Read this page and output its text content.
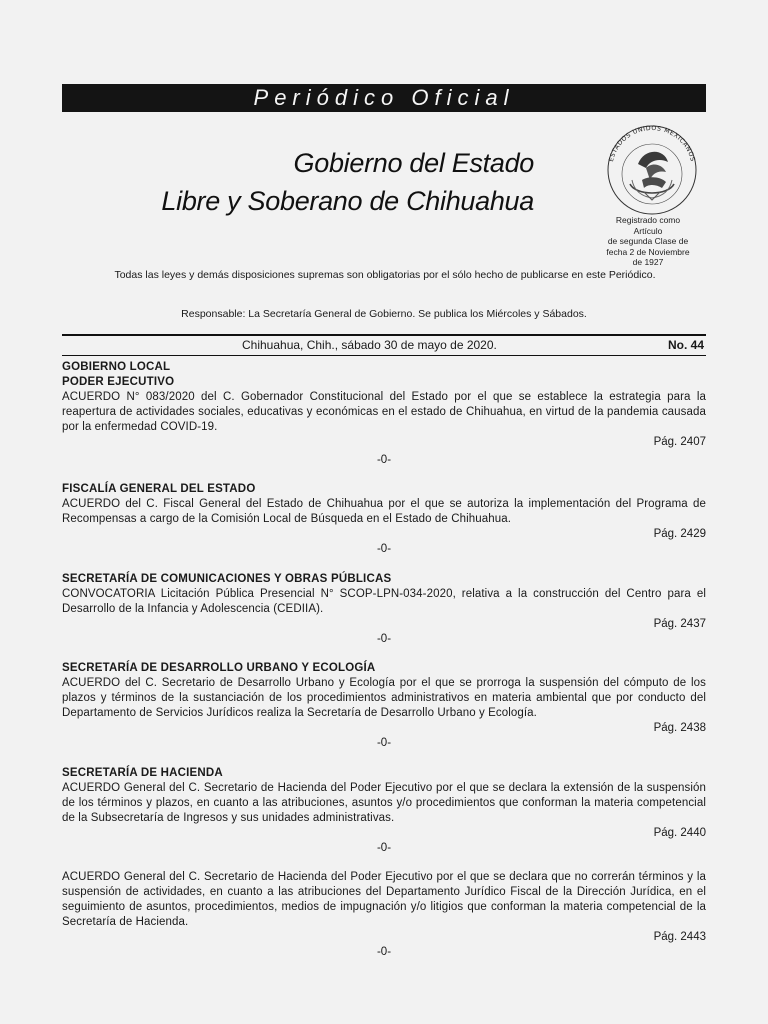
Periódico Oficial
Gobierno del Estado
Libre y Soberano de Chihuahua
ESTADOS UNIDOS MEXICANOS
Registrado como
Artículo
de segunda Clase de
fecha 2 de Noviembre
de 1927
Todas las leyes y demás disposiciones supremas son obligatorias por el sólo hecho de publicarse en este Periódico.
Responsable: La Secretaría General de Gobierno. Se publica los Miércoles y Sábados.
Chihuahua, Chih., sábado 30 de mayo de 2020.	No. 44
GOBIERNO LOCAL
PODER EJECUTIVO
ACUERDO N° 083/2020 del C. Gobernador Constitucional del Estado por el que se establece la estrategia para la reapertura de actividades sociales, educativas y económicas en el estado de Chihuahua, en virtud de la pandemia causada por la enfermedad COVID-19.
Pág. 2407
-0-
FISCALÍA GENERAL DEL ESTADO
ACUERDO del C. Fiscal General del Estado de Chihuahua por el que se autoriza la implementación del Programa de Recompensas a cargo de la Comisión Local de Búsqueda en el Estado de Chihuahua.
Pág. 2429
-0-
SECRETARÍA DE COMUNICACIONES Y OBRAS PÚBLICAS
CONVOCATORIA Licitación Pública Presencial N° SCOP-LPN-034-2020, relativa a la construcción del Centro para el Desarrollo de la Infancia y Adolescencia (CEDIIA).
Pág. 2437
-0-
SECRETARÍA DE DESARROLLO URBANO Y ECOLOGÍA
ACUERDO del C. Secretario de Desarrollo Urbano y Ecología por el que se prorroga la suspensión del cómputo de los plazos y términos de la sustanciación de los procedimientos administrativos en materia ambiental que por conducto del Departamento de Servicios Jurídicos realiza la Secretaría de Desarrollo Urbano y Ecología.
Pág. 2438
-0-
SECRETARÍA DE HACIENDA
ACUERDO General del C. Secretario de Hacienda del Poder Ejecutivo por el que se declara la extensión de la suspensión de los términos y plazos, en cuanto a las atribuciones, asuntos y/o procedimientos que conforman la materia competencial de la Subsecretaría de Ingresos y sus unidades administrativas.
Pág. 2440
-0-
ACUERDO General del C. Secretario de Hacienda del Poder Ejecutivo por el que se declara que no correrán términos y la suspensión de actividades, en cuanto a las atribuciones del Departamento Jurídico Fiscal de la Dirección Jurídica, en el seguimiento de asuntos, procedimientos, medios de impugnación y/o litigios que conforman la materia competencial de la Secretaría de Hacienda.
Pág. 2443
-0-
